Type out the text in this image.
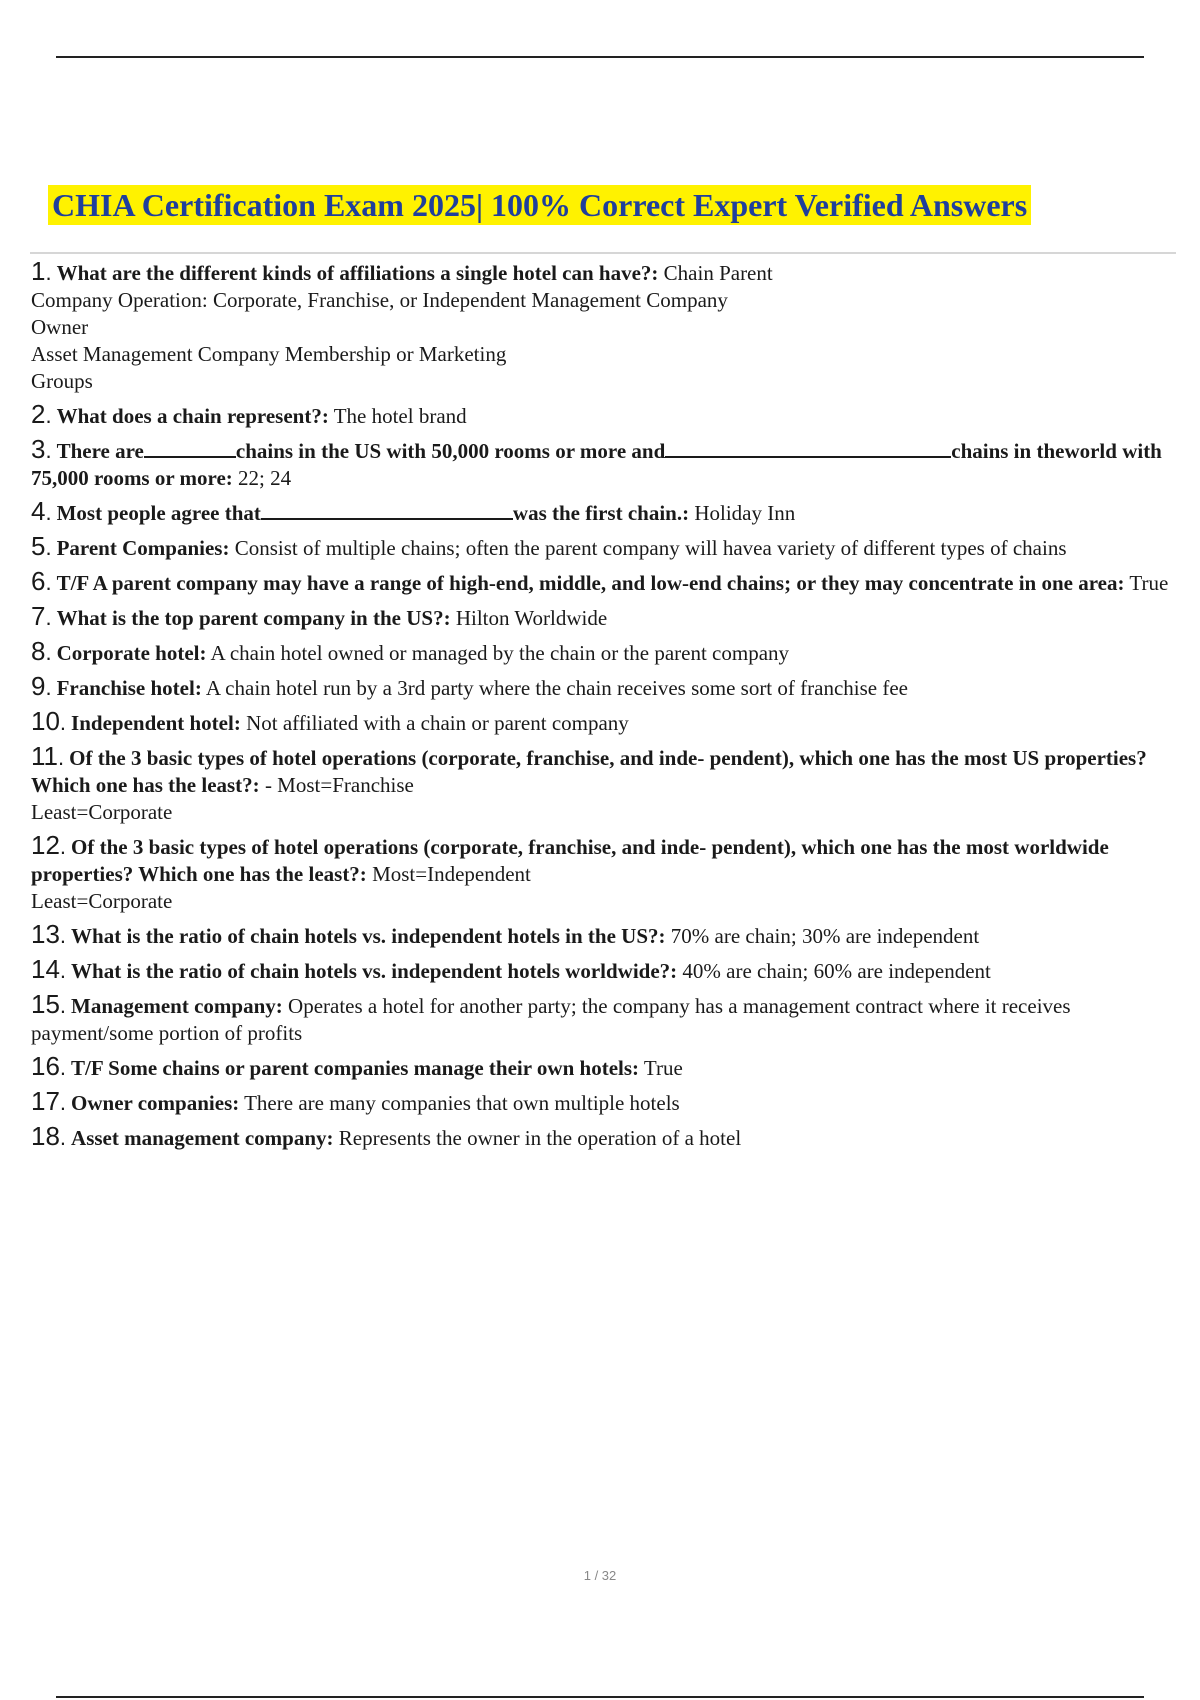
CHIA Certification Exam 2025| 100% Correct Expert Verified Answers
1. What are the different kinds of affiliations a single hotel can have?: Chain Parent
Company Operation: Corporate, Franchise, or Independent Management Company
Owner
Asset Management Company Membership or Marketing
Groups
2. What does a chain represent?: The hotel brand
3. There are	chains in the US with 50,000 rooms or more and	chains in theworld with 75,000 rooms or more: 22; 24
4. Most people agree that	was the first chain.: Holiday Inn
5. Parent Companies: Consist of multiple chains; often the parent company will havea variety of different types of chains
6. T/F A parent company may have a range of high-end, middle, and low-end chains; or they may concentrate in one area: True
7. What is the top parent company in the US?: Hilton Worldwide
8. Corporate hotel: A chain hotel owned or managed by the chain or the parent company
9. Franchise hotel: A chain hotel run by a 3rd party where the chain receives some sort of franchise fee
10. Independent hotel: Not affiliated with a chain or parent company
11. Of the 3 basic types of hotel operations (corporate, franchise, and inde- pendent), which one has the most US properties? Which one has the least?: - Most=Franchise
Least=Corporate
12. Of the 3 basic types of hotel operations (corporate, franchise, and inde- pendent), which one has the most worldwide properties? Which one has the least?: Most=Independent
Least=Corporate
13. What is the ratio of chain hotels vs. independent hotels in the US?: 70% are chain; 30% are independent
14. What is the ratio of chain hotels vs. independent hotels worldwide?: 40% are chain; 60% are independent
15. Management company: Operates a hotel for another party; the company has a management contract where it receives payment/some portion of profits
16. T/F Some chains or parent companies manage their own hotels: True
17. Owner companies: There are many companies that own multiple hotels
18. Asset management company: Represents the owner in the operation of a hotel
1 / 32
